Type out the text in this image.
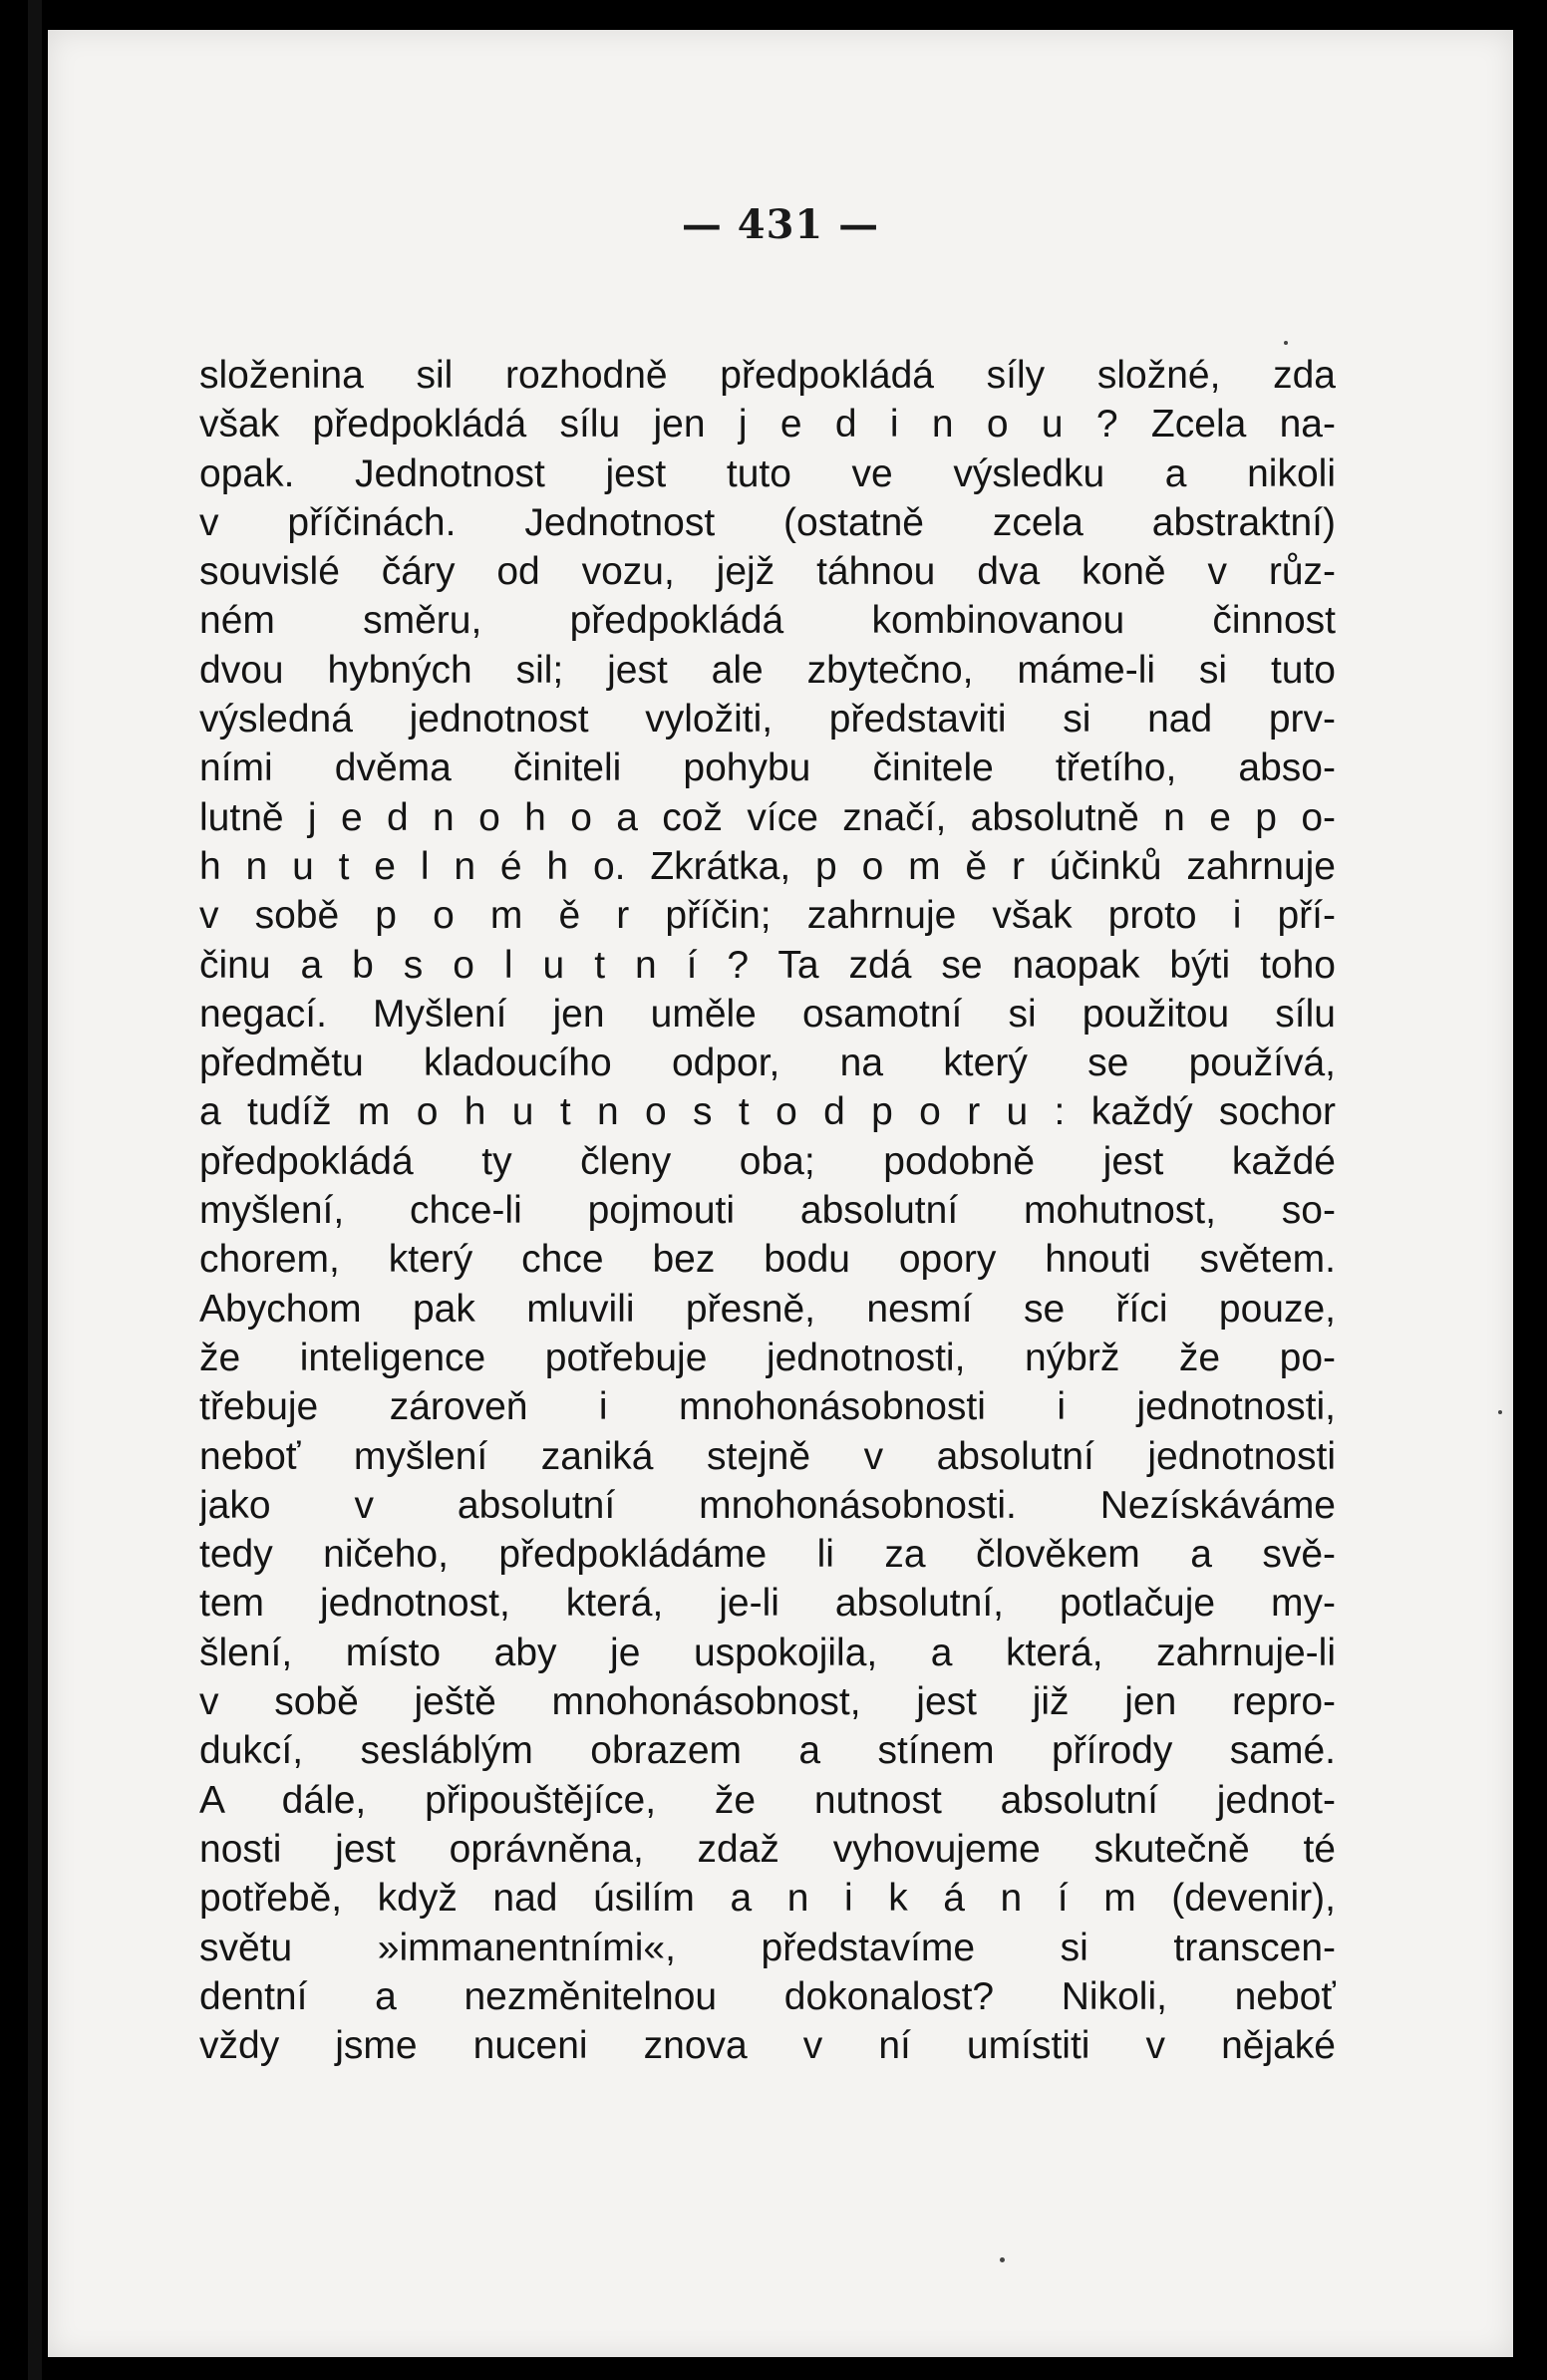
— 431 —

složenina sil rozhodně předpokládá síly složné, zda
však předpokládá sílu jen j e d i n o u ? Zcela na-
opak. Jednotnost jest tuto ve výsledku a nikoli
v příčinách. Jednotnost (ostatně zcela abstraktní)
souvislé čáry od vozu, jejž táhnou dva koně v růz-
ném směru, předpokládá kombinovanou činnost
dvou hybných sil; jest ale zbytečno, máme-li si tuto
výsledná jednotnost vyložiti, představiti si nad prv-
ními dvěma činiteli pohybu činitele třetího, abso-
lutně j e d n o h o a což více značí, absolutně n e p o-
h n u t e l n é h o. Zkrátka, p o m ě r účinků zahrnuje
v sobě p o m ě r příčin; zahrnuje však proto i pří-
činu a b s o l u t n í ? Ta zdá se naopak býti toho
negací. Myšlení jen uměle osamotní si použitou sílu
předmětu kladoucího odpor, na který se používá,
a tudíž m o h u t n o s t o d p o r u : každý sochor
předpokládá ty členy oba; podobně jest každé
myšlení, chce-li pojmouti absolutní mohutnost, so-
chorem, který chce bez bodu opory hnouti světem.
Abychom pak mluvili přesně, nesmí se říci pouze,
že inteligence potřebuje jednotnosti, nýbrž že po-
třebuje zároveň i mnohonásobnosti i jednotnosti,
neboť myšlení zaniká stejně v absolutní jednotnosti
jako v absolutní mnohonásobnosti. Nezískáváme
tedy ničeho, předpokládáme li za člověkem a svě-
tem jednotnost, která, je-li absolutní, potlačuje my-
šlení, místo aby je uspokojila, a která, zahrnuje-li
v sobě ještě mnohonásobnost, jest již jen repro-
dukcí, sesláblým obrazem a stínem přírody samé.
A dále, připouštějíce, že nutnost absolutní jednot-
nosti jest oprávněna, zdaž vyhovujeme skutečně té
potřebě, když nad úsilím a n i k á n í m (devenir),
světu »immanentními«, představíme si transcen-
dentní a nezměnitelnou dokonalost? Nikoli, neboť
vždy jsme nuceni znova v ní umístiti v nějaké
